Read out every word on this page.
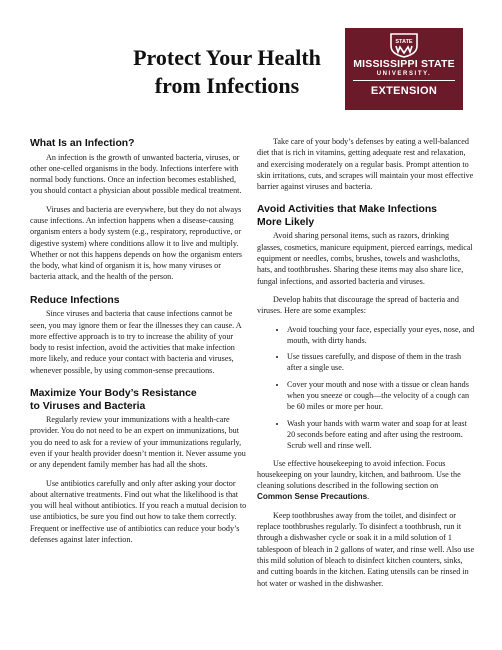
Protect Your Health
from Infections
STATE
MISSISSIPPI STATE
UNIVERSITY.
EXTENSION
What Is an Infection?

An infection is the growth of unwanted bacteria, viruses, or other one-celled organisms in the body. Infections interfere with normal body functions. Once an infection becomes established, you should contact a physician about possible medical treatment.

Viruses and bacteria are everywhere, but they do not always cause infections. An infection happens when a disease-causing organism enters a body system (e.g., respiratory, reproductive, or digestive system) where conditions allow it to live and multiply. Whether or not this happens depends on how the organism enters the body, what kind of organism it is, how many viruses or bacteria attack, and the health of the person.

Reduce Infections

Since viruses and bacteria that cause infections cannot be seen, you may ignore them or fear the illnesses they can cause. A more effective approach is to try to increase the ability of your body to resist infection, avoid the activities that make infection more likely, and reduce your contact with bacteria and viruses, whenever possible, by using common-sense precautions.

Maximize Your Body’s Resistance
to Viruses and Bacteria

Regularly review your immunizations with a health-care provider. You do not need to be an expert on immunizations, but you do need to ask for a review of your immunizations regularly, even if your health provider doesn’t mention it. Never assume you or any dependent family member has had all the shots.

Use antibiotics carefully and only after asking your doctor about alternative treatments. Find out what the likelihood is that you will heal without antibiotics. If you reach a mutual decision to use antibiotics, be sure you find out how to take them correctly. Frequent or ineffective use of antibiotics can reduce your body’s defenses against later infection.

Take care of your body’s defenses by eating a well-balanced diet that is rich in vitamins, getting adequate rest and relaxation, and exercising moderately on a regular basis. Prompt attention to skin irritations, cuts, and scrapes will maintain your most effective barrier against viruses and bacteria.

Avoid Activities that Make Infections
More Likely

Avoid sharing personal items, such as razors, drinking glasses, cosmetics, manicure equipment, pierced earrings, medical equipment or needles, combs, brushes, towels and washcloths, hats, and toothbrushes. Sharing these items may also share lice, fungal infections, and assorted bacteria and viruses.

Develop habits that discourage the spread of bacteria and viruses. Here are some examples:

• Avoid touching your face, especially your eyes, nose, and mouth, with dirty hands.
• Use tissues carefully, and dispose of them in the trash after a single use.
• Cover your mouth and nose with a tissue or clean hands when you sneeze or cough—the velocity of a cough can be 60 miles or more per hour.
• Wash your hands with warm water and soap for at least 20 seconds before eating and after using the restroom. Scrub well and rinse well.

Use effective housekeeping to avoid infection. Focus housekeeping on your laundry, kitchen, and bathroom. Use the cleaning solutions described in the following section on Common Sense Precautions.

Keep toothbrushes away from the toilet, and disinfect or replace toothbrushes regularly. To disinfect a toothbrush, run it through a dishwasher cycle or soak it in a mild solution of 1 tablespoon of bleach in 2 gallons of water, and rinse well. Also use this mild solution of bleach to disinfect kitchen counters, sinks, and cutting boards in the kitchen. Eating utensils can be rinsed in hot water or washed in the dishwasher.
